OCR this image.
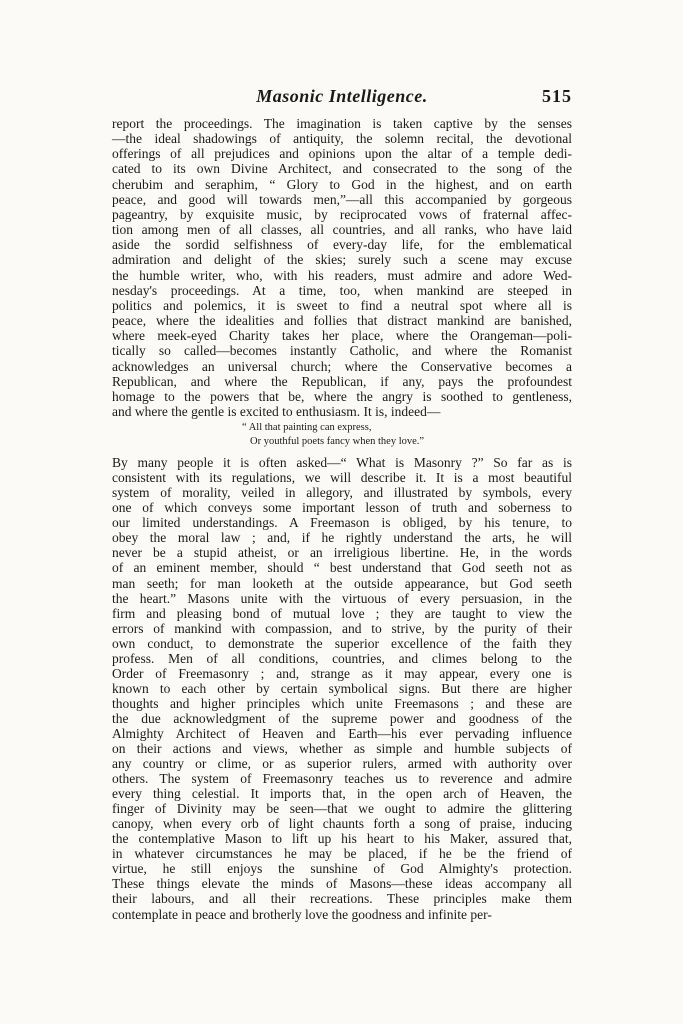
Masonic Intelligence.	515

report the proceedings. The imagination is taken captive by the senses
—the ideal shadowings of antiquity, the solemn recital, the devotional
offerings of all prejudices and opinions upon the altar of a temple dedi-
cated to its own Divine Architect, and consecrated to the song of the
cherubim and seraphim, “ Glory to God in the highest, and on earth
peace, and good will towards men,”—all this accompanied by gorgeous
pageantry, by exquisite music, by reciprocated vows of fraternal affec-
tion among men of all classes, all countries, and all ranks, who have laid
aside the sordid selfishness of every-day life, for the emblematical
admiration and delight of the skies; surely such a scene may excuse
the humble writer, who, with his readers, must admire and adore Wed-
nesday's proceedings. At a time, too, when mankind are steeped in
politics and polemics, it is sweet to find a neutral spot where all is
peace, where the idealities and follies that distract mankind are banished,
where meek-eyed Charity takes her place, where the Orangeman—poli-
tically so called—becomes instantly Catholic, and where the Romanist
acknowledges an universal church; where the Conservative becomes a
Republican, and where the Republican, if any, pays the profoundest
homage to the powers that be, where the angry is soothed to gentleness,
and where the gentle is excited to enthusiasm. It is, indeed—

“ All that painting can express,
Or youthful poets fancy when they love.”

By many people it is often asked—“ What is Masonry ?” So far as is
consistent with its regulations, we will describe it. It is a most beautiful
system of morality, veiled in allegory, and illustrated by symbols, every
one of which conveys some important lesson of truth and soberness to
our limited understandings. A Freemason is obliged, by his tenure, to
obey the moral law ; and, if he rightly understand the arts, he will
never be a stupid atheist, or an irreligious libertine. He, in the words
of an eminent member, should “ best understand that God seeth not as
man seeth; for man looketh at the outside appearance, but God seeth
the heart.” Masons unite with the virtuous of every persuasion, in the
firm and pleasing bond of mutual love ; they are taught to view the
errors of mankind with compassion, and to strive, by the purity of their
own conduct, to demonstrate the superior excellence of the faith they
profess. Men of all conditions, countries, and climes belong to the
Order of Freemasonry ; and, strange as it may appear, every one is
known to each other by certain symbolical signs. But there are higher
thoughts and higher principles which unite Freemasons ; and these are
the due acknowledgment of the supreme power and goodness of the
Almighty Architect of Heaven and Earth—his ever pervading influence
on their actions and views, whether as simple and humble subjects of
any country or clime, or as superior rulers, armed with authority over
others. The system of Freemasonry teaches us to reverence and admire
every thing celestial. It imports that, in the open arch of Heaven, the
finger of Divinity may be seen—that we ought to admire the glittering
canopy, when every orb of light chaunts forth a song of praise, inducing
the contemplative Mason to lift up his heart to his Maker, assured that,
in whatever circumstances he may be placed, if he be the friend of
virtue, he still enjoys the sunshine of God Almighty's protection.
These things elevate the minds of Masons—these ideas accompany all
their labours, and all their recreations. These principles make them
contemplate in peace and brotherly love the goodness and infinite per-
